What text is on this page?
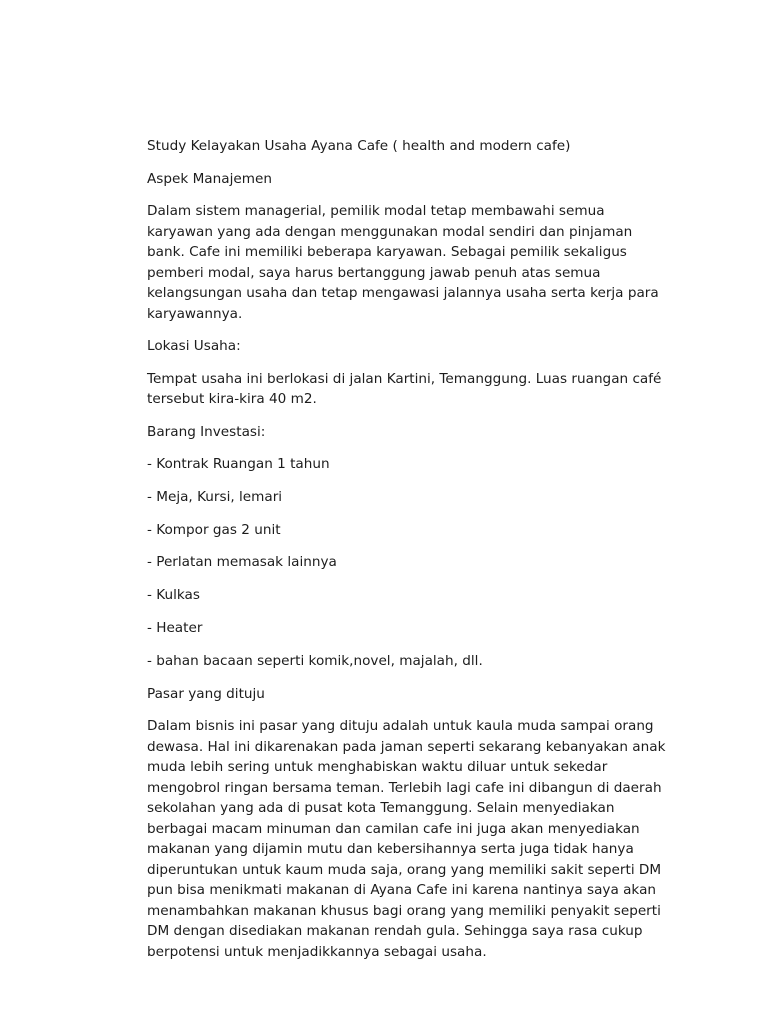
Study Kelayakan Usaha Ayana Cafe ( health and modern cafe)

Aspek Manajemen

Dalam sistem managerial, pemilik modal tetap membawahi semua karyawan yang ada dengan menggunakan modal sendiri dan pinjaman bank. Cafe ini memiliki beberapa karyawan. Sebagai pemilik sekaligus pemberi modal, saya harus bertanggung jawab penuh atas semua kelangsungan usaha dan tetap mengawasi jalannya usaha serta kerja para karyawannya.

Lokasi Usaha:

Tempat usaha ini berlokasi di jalan Kartini, Temanggung. Luas ruangan café tersebut kira-kira 40 m2.

Barang Investasi:

- Kontrak Ruangan 1 tahun

- Meja, Kursi, lemari

- Kompor gas 2 unit

- Perlatan memasak lainnya

- Kulkas

- Heater

- bahan bacaan seperti komik,novel, majalah, dll.

Pasar yang dituju

Dalam bisnis ini pasar yang dituju adalah untuk kaula muda sampai orang dewasa. Hal ini dikarenakan pada jaman seperti sekarang kebanyakan anak muda lebih sering untuk menghabiskan waktu diluar untuk sekedar mengobrol ringan bersama teman. Terlebih lagi cafe ini dibangun di daerah sekolahan yang ada di pusat kota Temanggung. Selain menyediakan berbagai macam minuman dan camilan cafe ini juga akan menyediakan makanan yang dijamin mutu dan kebersihannya serta juga tidak hanya diperuntukan untuk kaum muda saja, orang yang memiliki sakit seperti DM pun bisa menikmati makanan di Ayana Cafe ini karena nantinya saya akan menambahkan makanan khusus bagi orang yang memiliki penyakit seperti DM dengan disediakan makanan rendah gula. Sehingga saya rasa cukup berpotensi untuk menjadikkannya sebagai usaha.
